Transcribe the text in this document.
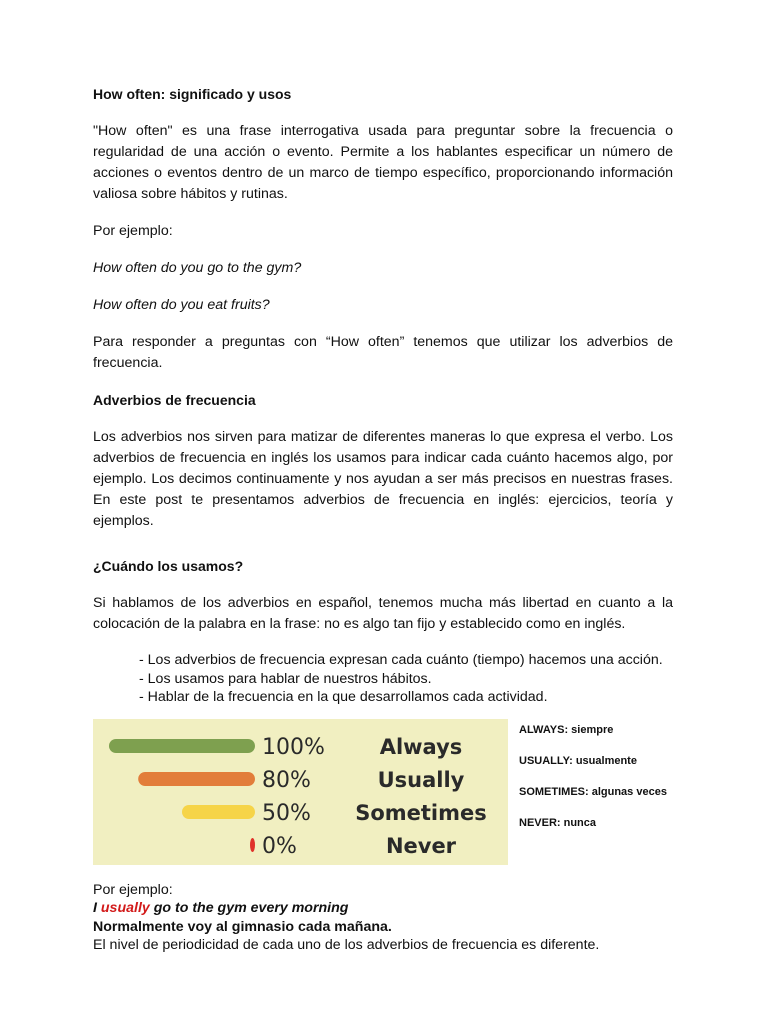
How often: significado y usos

"How often" es una frase interrogativa usada para preguntar sobre la frecuencia o regularidad de una acción o evento. Permite a los hablantes especificar un número de acciones o eventos dentro de un marco de tiempo específico, proporcionando información valiosa sobre hábitos y rutinas.

Por ejemplo:

How often do you go to the gym?

How often do you eat fruits?

Para responder a preguntas con “How often” tenemos que utilizar los adverbios de frecuencia.

Adverbios de frecuencia

Los adverbios nos sirven para matizar de diferentes maneras lo que expresa el verbo. Los adverbios de frecuencia en inglés los usamos para indicar cada cuánto hacemos algo, por ejemplo. Los decimos continuamente y nos ayudan a ser más precisos en nuestras frases. En este post te presentamos adverbios de frecuencia en inglés: ejercicios, teoría y ejemplos.

¿Cuándo los usamos?

Si hablamos de los adverbios en español, tenemos mucha más libertad en cuanto a la colocación de la palabra en la frase: no es algo tan fijo y establecido como en inglés.

- Los adverbios de frecuencia expresan cada cuánto (tiempo) hacemos una acción.
- Los usamos para hablar de nuestros hábitos.
- Hablar de la frecuencia en la que desarrollamos cada actividad.
100%	Always
80%	Usually
50% Sometimes
0%	Never
ALWAYS: siempre
USUALLY: usualmente
SOMETIMES: algunas veces
NEVER: nunca
Por ejemplo:
I usually go to the gym every morning
Normalmente voy al gimnasio cada mañana.
El nivel de periodicidad de cada uno de los adverbios de frecuencia es diferente.
